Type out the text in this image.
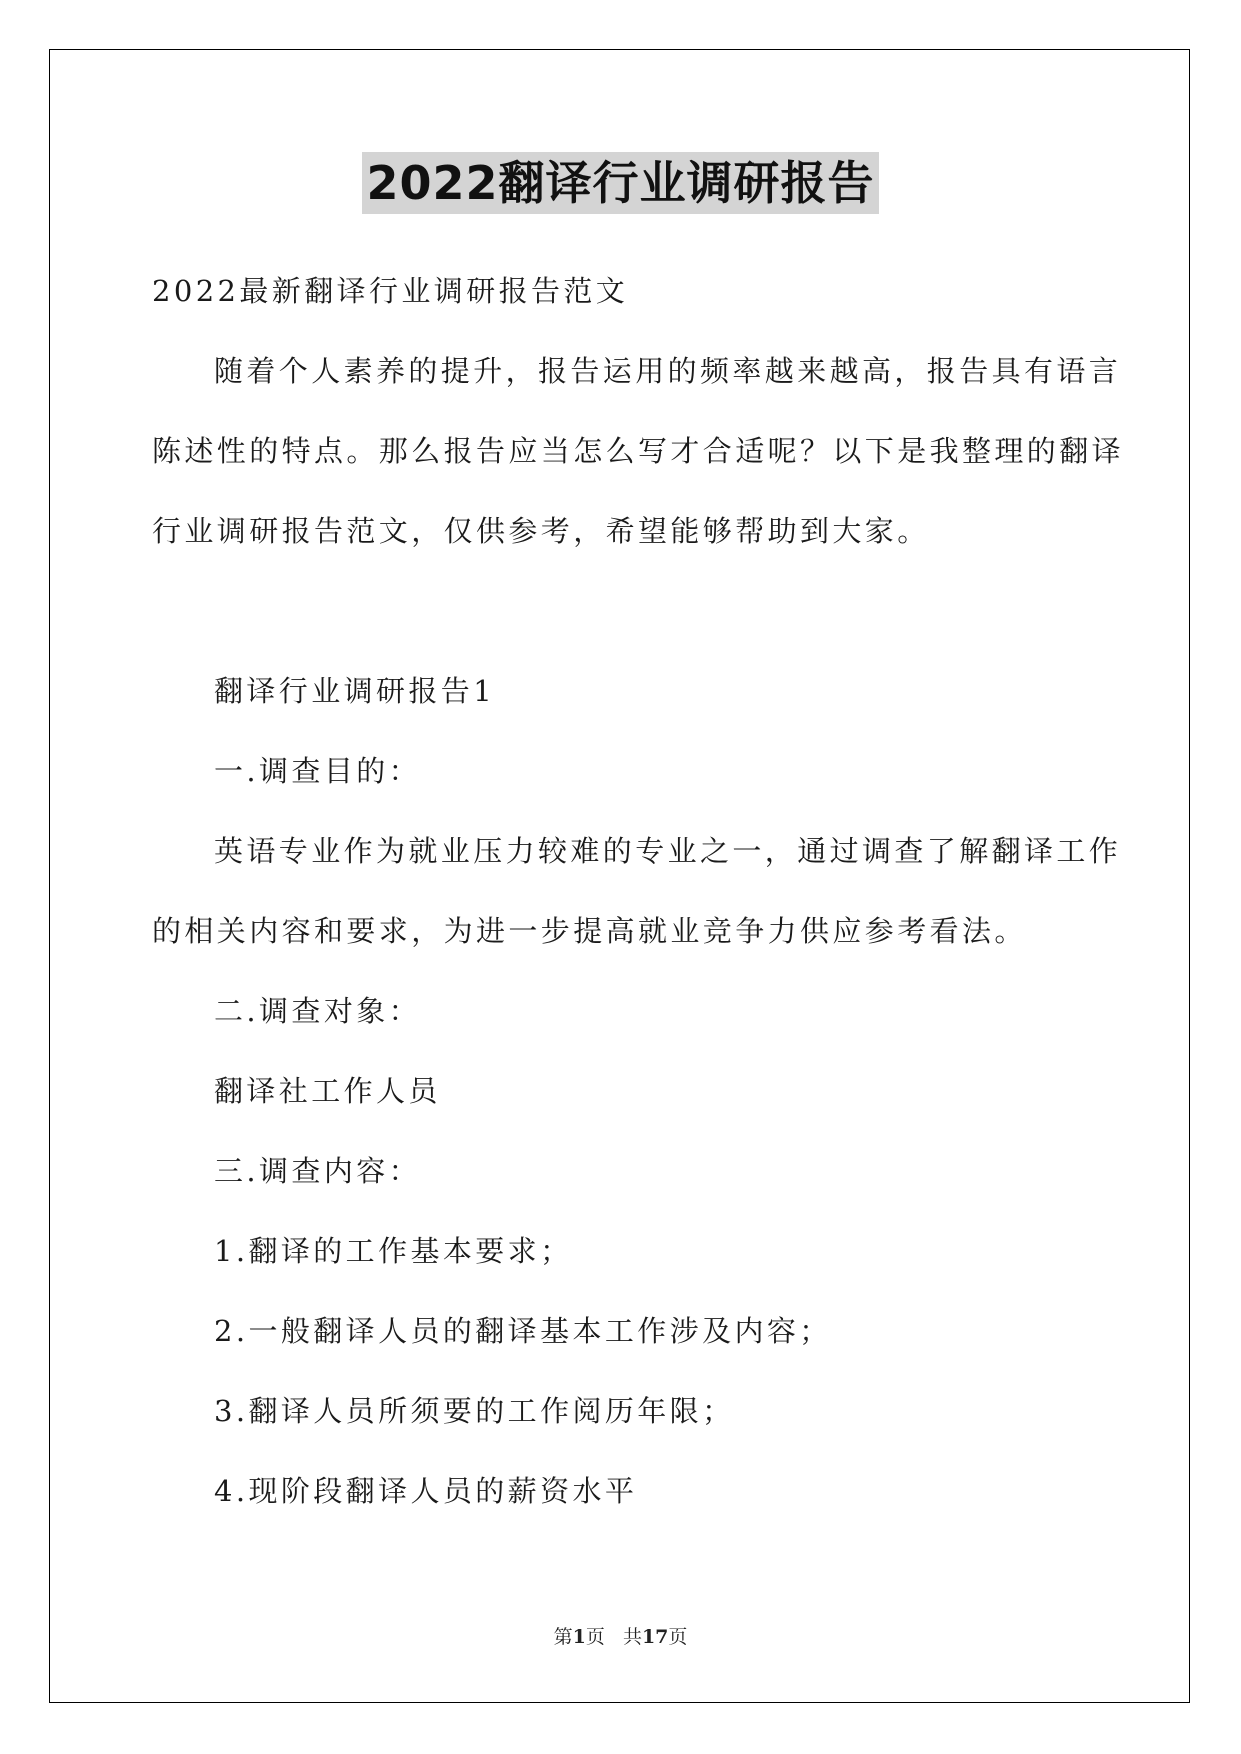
2022翻译行业调研报告
2022最新翻译行业调研报告范文
随着个人素养的提升，报告运用的频率越来越高，报告具有语言
陈述性的特点。那么报告应当怎么写才合适呢？以下是我整理的翻译
行业调研报告范文，仅供参考，希望能够帮助到大家。
翻译行业调研报告1
一.调查目的：
英语专业作为就业压力较难的专业之一，通过调查了解翻译工作
的相关内容和要求，为进一步提高就业竞争力供应参考看法。
二.调查对象：
翻译社工作人员
三.调查内容：
1.翻译的工作基本要求；
2.一般翻译人员的翻译基本工作涉及内容；
3.翻译人员所须要的工作阅历年限；
4.现阶段翻译人员的薪资水平
第1页   共17页
